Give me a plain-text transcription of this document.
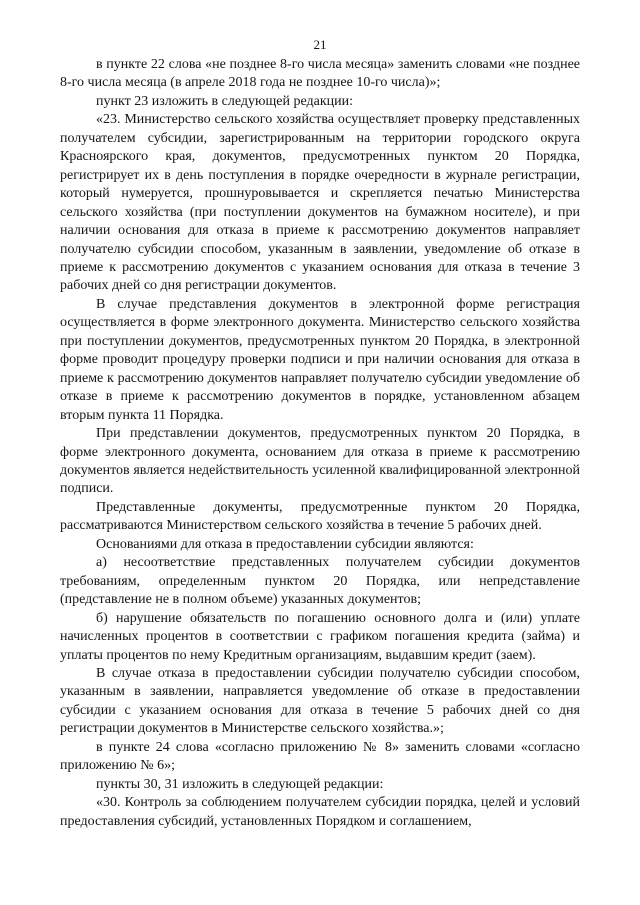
21

в пункте 22 слова «не позднее 8-го числа месяца» заменить словами «не позднее 8-го числа месяца (в апреле 2018 года не позднее 10-го числа)»;

пункт 23 изложить в следующей редакции:

«23. Министерство сельского хозяйства осуществляет проверку представленных получателем субсидии, зарегистрированным на территории городского округа Красноярского края, документов, предусмотренных пунктом 20 Порядка, регистрирует их в день поступления в порядке очередности в журнале регистрации, который нумеруется, прошнуровывается и скрепляется печатью Министерства сельского хозяйства (при поступлении документов на бумажном носителе), и при наличии основания для отказа в приеме к рассмотрению документов направляет получателю субсидии способом, указанным в заявлении, уведомление об отказе в приеме к рассмотрению документов с указанием основания для отказа в течение 3 рабочих дней со дня регистрации документов.

В случае представления документов в электронной форме регистрация осуществляется в форме электронного документа. Министерство сельского хозяйства при поступлении документов, предусмотренных пунктом 20 Порядка, в электронной форме проводит процедуру проверки подписи и при наличии основания для отказа в приеме к рассмотрению документов направляет получателю субсидии уведомление об отказе в приеме к рассмотрению документов в порядке, установленном абзацем вторым пункта 11 Порядка.

При представлении документов, предусмотренных пунктом 20 Порядка, в форме электронного документа, основанием для отказа в приеме к рассмотрению документов является недействительность усиленной квалифицированной электронной подписи.

Представленные документы, предусмотренные пунктом 20 Порядка, рассматриваются Министерством сельского хозяйства в течение 5 рабочих дней.

Основаниями для отказа в предоставлении субсидии являются:

а) несоответствие представленных получателем субсидии документов требованиям, определенным пунктом 20 Порядка, или непредставление (представление не в полном объеме) указанных документов;

б) нарушение обязательств по погашению основного долга и (или) уплате начисленных процентов в соответствии с графиком погашения кредита (займа) и уплаты процентов по нему Кредитным организациям, выдавшим кредит (заем).

В случае отказа в предоставлении субсидии получателю субсидии способом, указанным в заявлении, направляется уведомление об отказе в предоставлении субсидии с указанием основания для отказа в течение 5 рабочих дней со дня регистрации документов в Министерстве сельского хозяйства.»;

в пункте 24 слова «согласно приложению № 8» заменить словами «согласно приложению № 6»;

пункты 30, 31 изложить в следующей редакции:

«30. Контроль за соблюдением получателем субсидии порядка, целей и условий предоставления субсидий, установленных Порядком и соглашением,
